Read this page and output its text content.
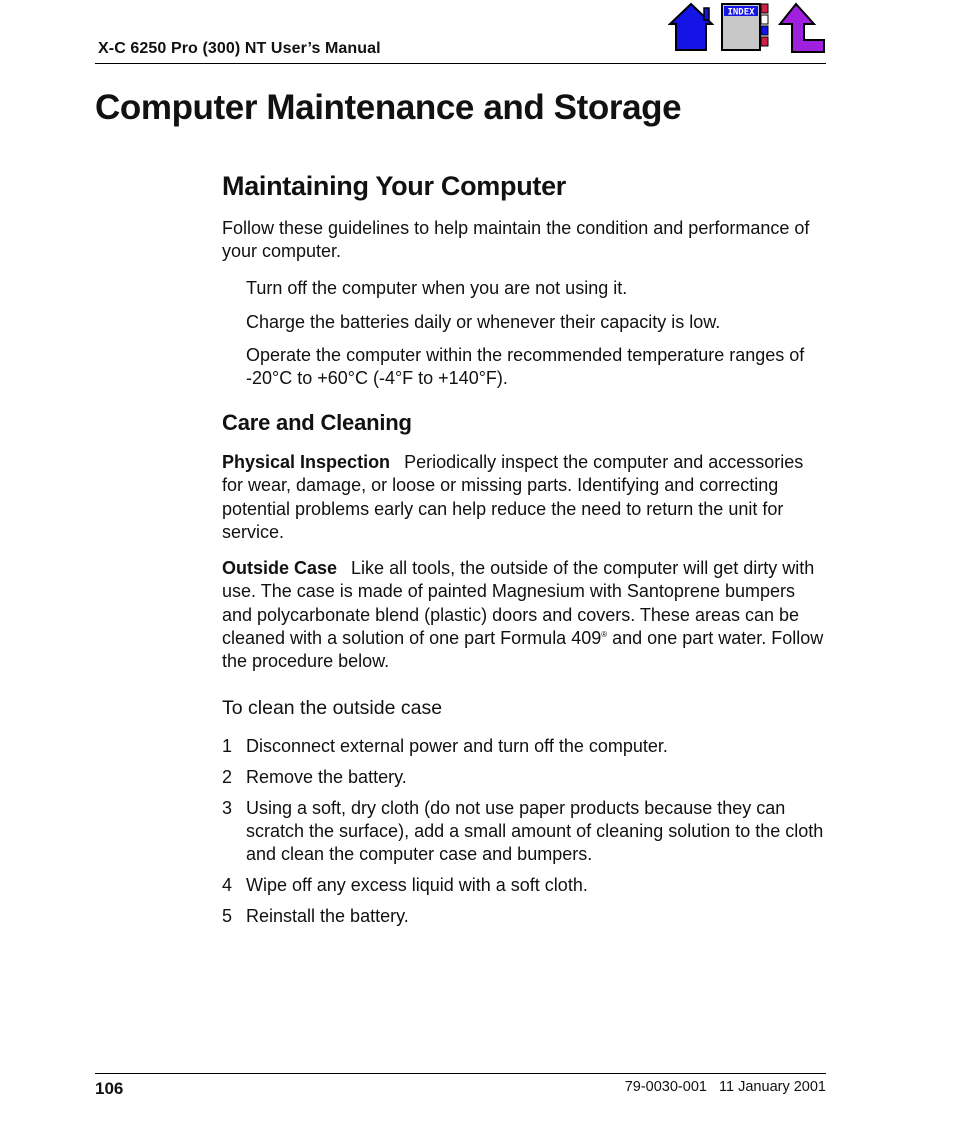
X-C 6250 Pro (300) NT User’s Manual
INDEX
Computer Maintenance and Storage
Maintaining Your Computer
Follow these guidelines to help maintain the condition and performance of your computer.
Turn off the computer when you are not using it.
Charge the batteries daily or whenever their capacity is low.
Operate the computer within the recommended temperature ranges of -20°C to +60°C (-4°F to +140°F).
Care and Cleaning
Physical Inspection Periodically inspect the computer and accessories for wear, damage, or loose or missing parts. Identifying and correcting potential problems early can help reduce the need to return the unit for service.
Outside Case Like all tools, the outside of the computer will get dirty with use. The case is made of painted Magnesium with Santoprene bumpers and polycarbonate blend (plastic) doors and covers. These areas can be cleaned with a solution of one part Formula 409® and one part water. Follow the procedure below.
To clean the outside case
1 Disconnect external power and turn off the computer.
2 Remove the battery.
3 Using a soft, dry cloth (do not use paper products because they can scratch the surface), add a small amount of cleaning solution to the cloth and clean the computer case and bumpers.
4 Wipe off any excess liquid with a soft cloth.
5 Reinstall the battery.
106	79-0030-001   11 January 2001
